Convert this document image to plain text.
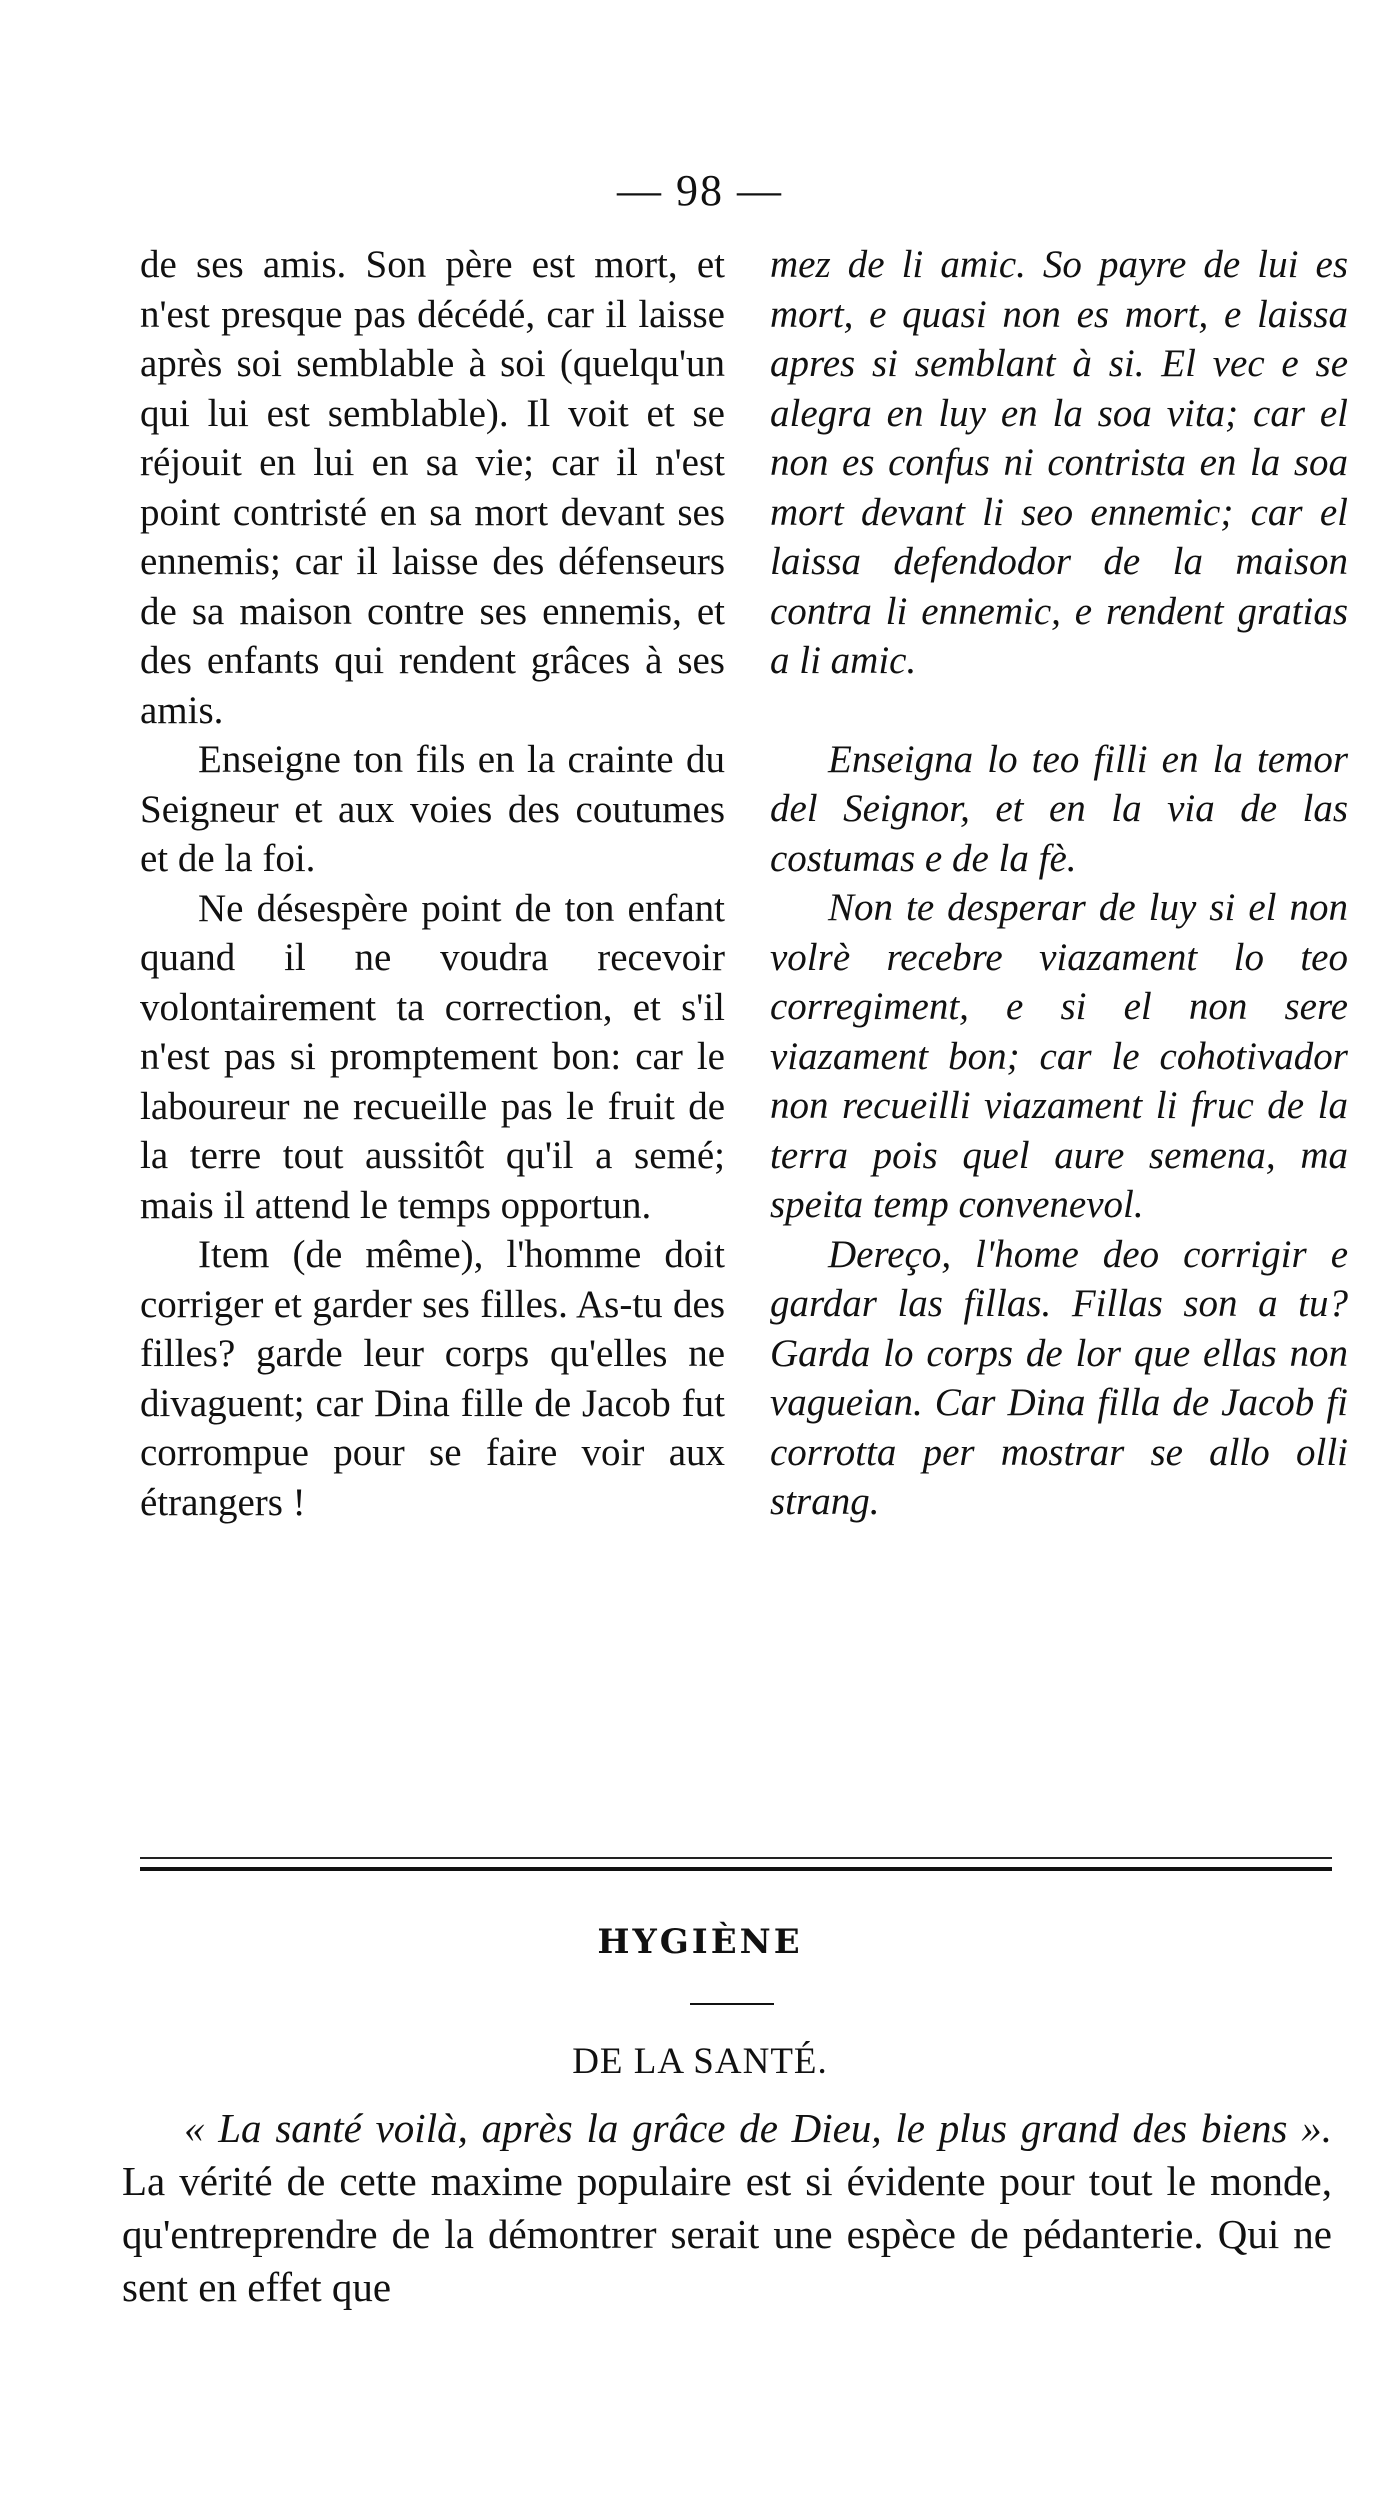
— 98 —

de ses amis. Son père est mort, et n'est presque pas décédé, car il laisse après soi semblable à soi (quelqu'un qui lui est semblable). Il voit et se réjouit en lui en sa vie; car il n'est point contristé en sa mort devant ses ennemis; car il laisse des défenseurs de sa maison contre ses ennemis, et des enfants qui rendent grâces à ses amis.

Enseigne ton fils en la crainte du Seigneur et aux voies des coutumes et de la foi.

Ne désespère point de ton enfant quand il ne voudra recevoir volontairement ta correction, et s'il n'est pas si promptement bon: car le laboureur ne recueille pas le fruit de la terre tout aussitôt qu'il a semé; mais il attend le temps opportun.

Item (de même), l'homme doit corriger et garder ses filles. As-tu des filles? garde leur corps qu'elles ne divaguent; car Dina fille de Jacob fut corrompue pour se faire voir aux étrangers !

mez de li amic. So payre de lui es mort, e quasi non es mort, e laissa apres si semblant à si. El vec e se alegra en luy en la soa vita; car el non es confus ni contrista en la soa mort devant li seo ennemic; car el laissa defendodor de la maison contra li ennemic, e rendent gratias a li amic.

Enseigna lo teo filli en la temor del Seignor, et en la via de las costumas e de la fè.

Non te desperar de luy si el non volrè recebre viazament lo teo corregiment, e si el non sere viazament bon; car le cohotivador non recueilli viazament li fruc de la terra pois quel aure semena, ma speita temp convenevol.

Dereço, l'home deo corrigir e gardar las fillas. Fillas son a tu? Garda lo corps de lor que ellas non vagueian. Car Dina filla de Jacob fi corrotta per mostrar se allo olli strang.

HYGIÈNE
DE LA SANTÉ.

« La santé voilà, après la grâce de Dieu, le plus grand des biens ». La vérité de cette maxime populaire est si évidente pour tout le monde, qu'entreprendre de la démontrer serait une espèce de pédanterie. Qui ne sent en effet que
